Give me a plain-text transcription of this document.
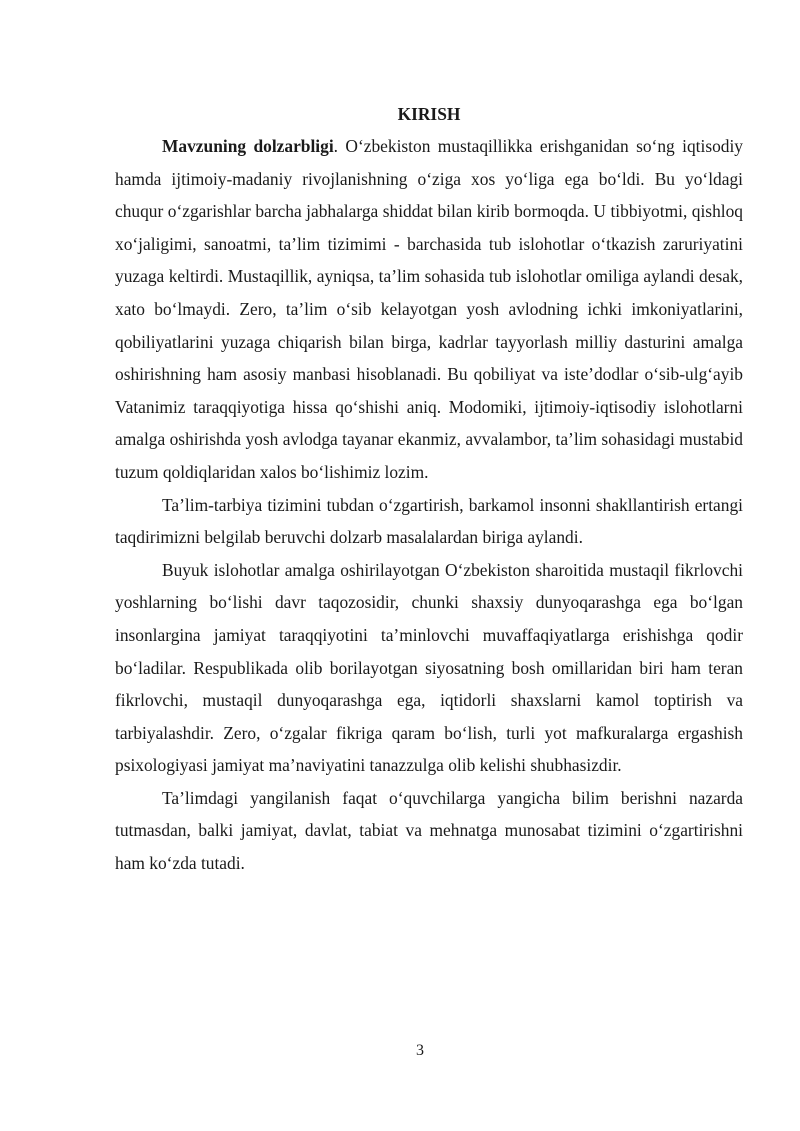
KIRISH

Mavzuning dolzarbligi. O‘zbekiston mustaqillikka erishganidan so‘ng iqtisodiy hamda ijtimoiy-madaniy rivojlanishning o‘ziga xos yo‘liga ega bo‘ldi. Bu yo‘ldagi chuqur o‘zgarishlar barcha jabhalarga shiddat bilan kirib bormoqda. U tibbiyotmi, qishloq xo‘jaligimi, sanoatmi, ta’lim tizimimi - barchasida tub islohotlar o‘tkazish zaruriyatini yuzaga keltirdi. Mustaqillik, ayniqsa, ta’lim sohasida tub islohotlar omiliga aylandi desak, xato bo‘lmaydi. Zero, ta’lim o‘sib kelayotgan yosh avlodning ichki imkoniyatlarini, qobiliyatlarini yuzaga chiqarish bilan birga, kadrlar tayyorlash milliy dasturini amalga oshirishning ham asosiy manbasi hisoblanadi. Bu qobiliyat va iste’dodlar o‘sib-ulg‘ayib Vatanimiz taraqqiyotiga hissa qo‘shishi aniq. Modomiki, ijtimoiy-iqtisodiy islohotlarni amalga oshirishda yosh avlodga tayanar ekanmiz, avvalambor, ta’lim sohasidagi mustabid tuzum qoldiqlaridan xalos bo‘lishimiz lozim.

Ta’lim-tarbiya tizimini tubdan o‘zgartirish, barkamol insonni shakllantirish ertangi taqdirimizni belgilab beruvchi dolzarb masalalardan biriga aylandi.

Buyuk islohotlar amalga oshirilayotgan O‘zbekiston sharoitida mustaqil fikrlovchi yoshlarning bo‘lishi davr taqozosidir, chunki shaxsiy dunyoqarashga ega bo‘lgan insonlargina jamiyat taraqqiyotini ta’minlovchi muvaffaqiyatlarga erishishga qodir bo‘ladilar. Respublikada olib borilayotgan siyosatning bosh omillaridan biri ham teran fikrlovchi, mustaqil dunyoqarashga ega, iqtidorli shaxslarni kamol toptirish va tarbiyalashdir. Zero, o‘zgalar fikriga qaram bo‘lish, turli yot mafkuralarga ergashish psixologiyasi jamiyat ma’naviyatini tanazzulga olib kelishi shubhasizdir.

Ta’limdagi yangilanish faqat o‘quvchilarga yangicha bilim berishni nazarda tutmasdan, balki jamiyat, davlat, tabiat va mehnatga munosabat tizimini o‘zgartirishni ham ko‘zda tutadi.

3
